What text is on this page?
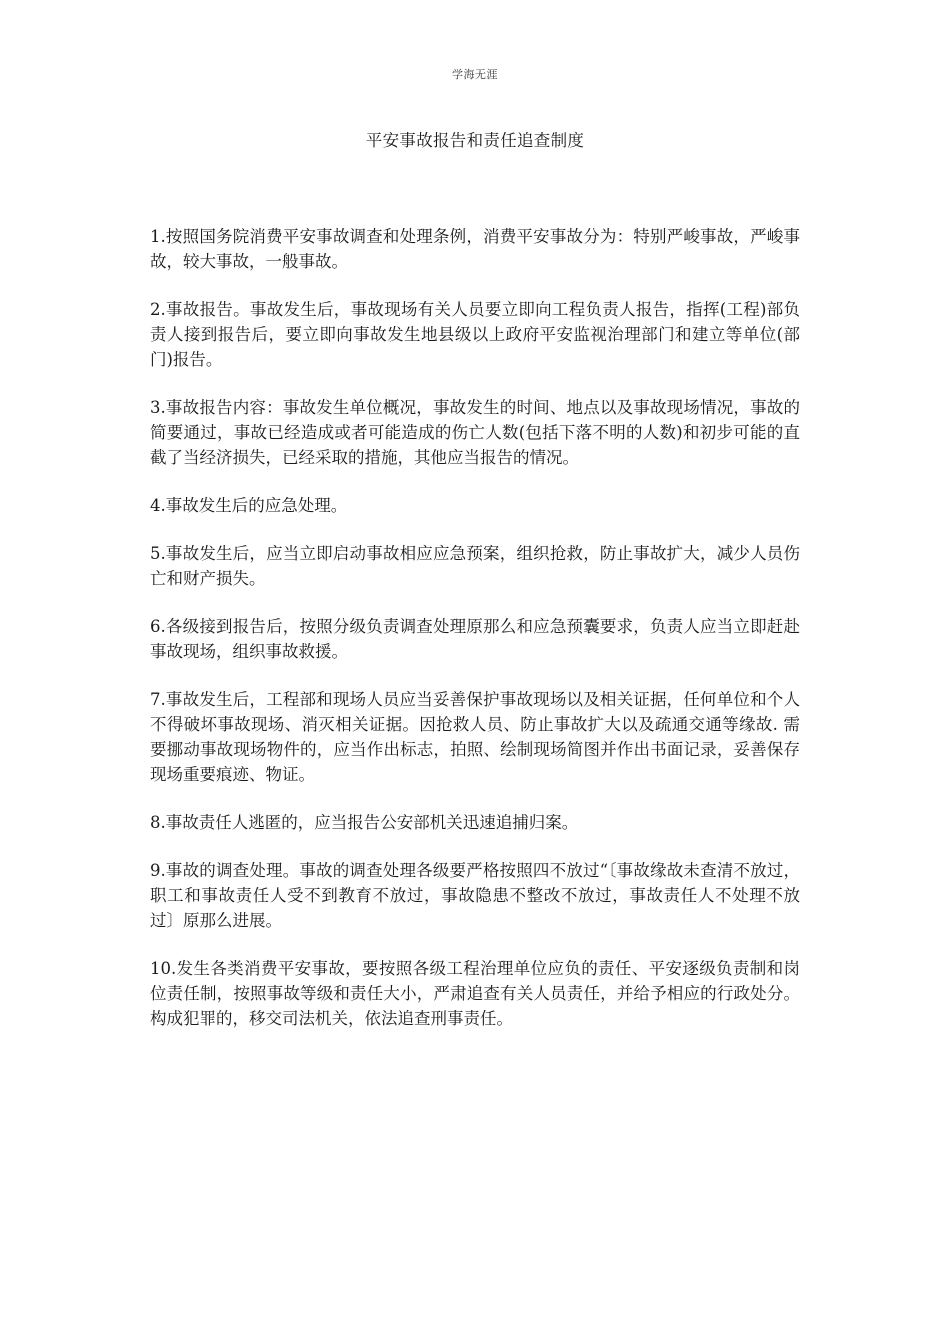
学海无涯
平安事故报告和责任追查制度

1.按照国务院消费平安事故调查和处理条例，消费平安事故分为：特别严峻事故，严峻事故，较大事故，一般事故。

2.事故报告。事故发生后，事故现场有关人员要立即向工程负责人报告，指挥(工程)部负责人接到报告后，要立即向事故发生地县级以上政府平安监视治理部门和建立等单位(部门)报告。

3.事故报告内容：事故发生单位概况，事故发生的时间、地点以及事故现场情况，事故的简要通过，事故已经造成或者可能造成的伤亡人数(包括下落不明的人数)和初步可能的直截了当经济损失，已经采取的措施，其他应当报告的情况。

4.事故发生后的应急处理。

5.事故发生后，应当立即启动事故相应应急预案，组织抢救，防止事故扩大，减少人员伤亡和财产损失。

6.各级接到报告后，按照分级负责调查处理原那么和应急预囊要求，负责人应当立即赶赴事故现场，组织事故救援。

7.事故发生后，工程部和现场人员应当妥善保护事故现场以及相关证据，任何单位和个人不得破坏事故现场、消灭相关证据。因抢救人员、防止事故扩大以及疏通交通等缘故. 需要挪动事故现场物件的，应当作出标志，拍照、绘制现场简图并作出书面记录，妥善保存现场重要痕迹、物证。

8.事故责任人逃匿的，应当报告公安部机关迅速追捕归案。

9.事故的调查处理。事故的调查处理各级要严格按照四不放过“〔事故缘故未查清不放过，职工和事故责任人受不到教育不放过，事故隐患不整改不放过，事故责任人不处理不放过〕原那么进展。

10.发生各类消费平安事故，要按照各级工程治理单位应负的责任、平安逐级负责制和岗位责任制，按照事故等级和责任大小，严肃追查有关人员责任，并给予相应的行政处分。构成犯罪的，移交司法机关，依法追查刑事责任。
